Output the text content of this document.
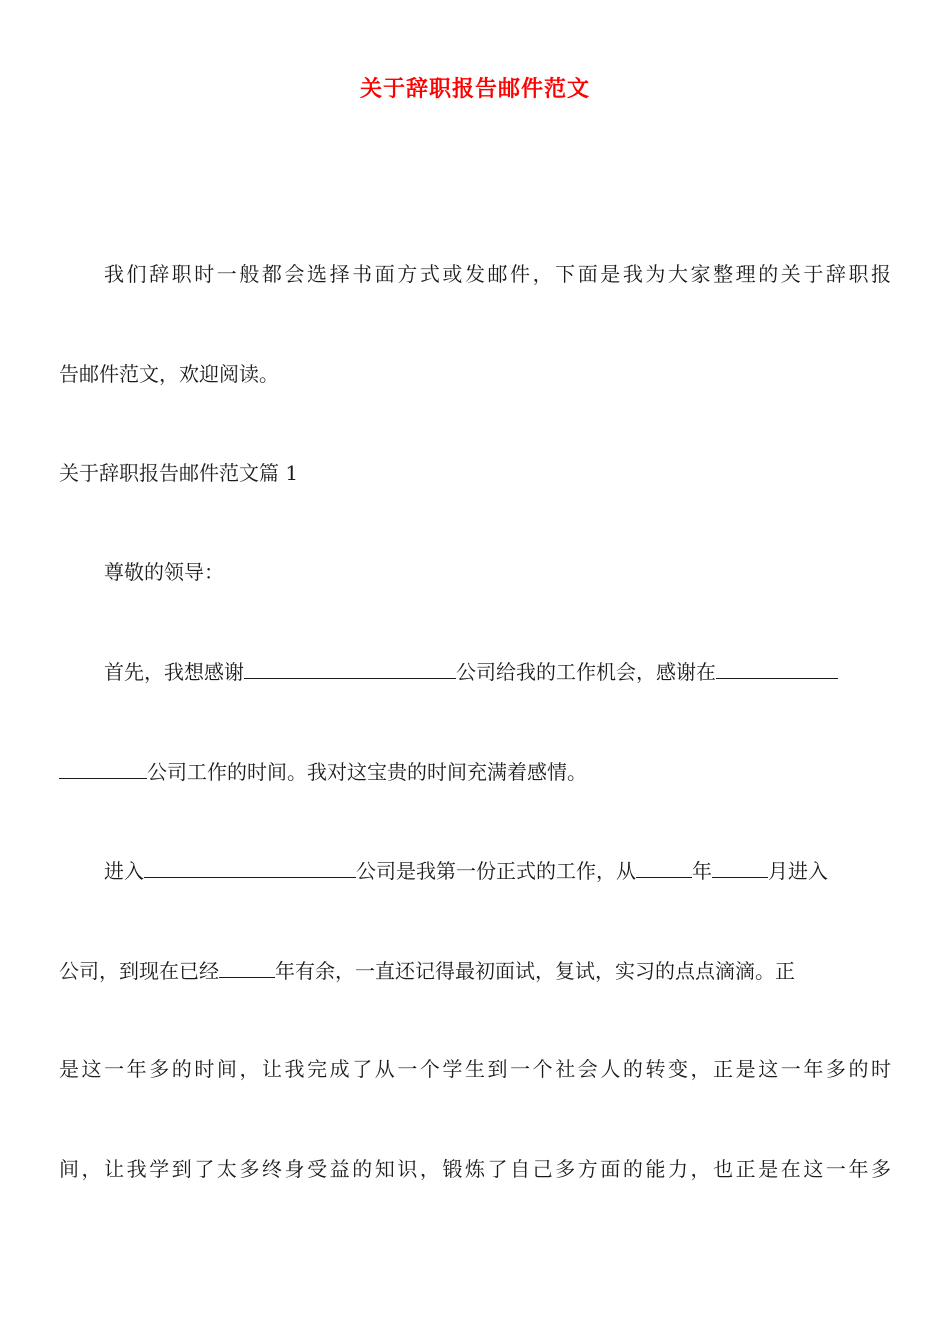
关于辞职报告邮件范文
我们辞职时一般都会选择书面方式或发邮件，下面是我为大家整理的关于辞职报
告邮件范文，欢迎阅读。
关于辞职报告邮件范文篇 1
尊敬的领导：
首先，我想感谢	公司给我的工作机会，感谢在
公司工作的时间。我对这宝贵的时间充满着感情。
进入	公司是我第一份正式的工作，从	年	月进入
公司，到现在已经	年有余，一直还记得最初面试，复试，实习的点点滴滴。正
是这一年多的时间，让我完成了从一个学生到一个社会人的转变，正是这一年多的时
间，让我学到了太多终身受益的知识，锻炼了自己多方面的能力，也正是在这一年多
